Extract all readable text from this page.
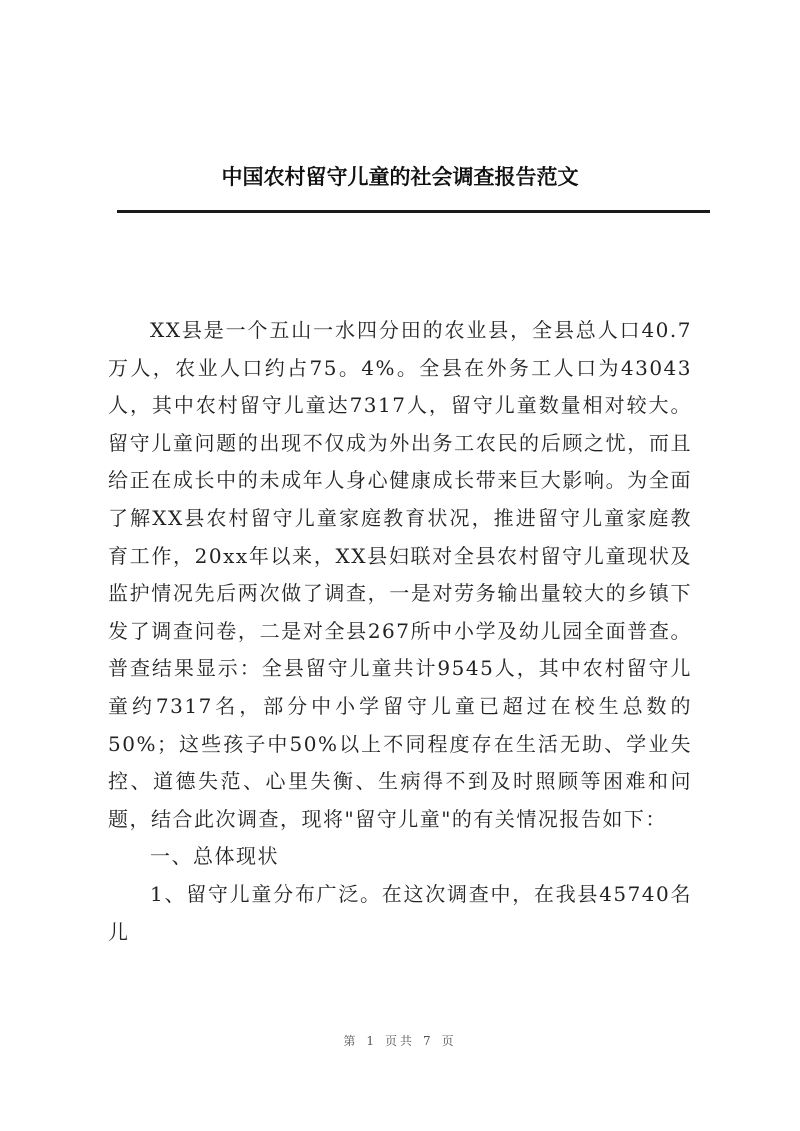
中国农村留守儿童的社会调查报告范文

XX县是一个五山一水四分田的农业县，全县总人口40.7万人，农业人口约占75。4%。全县在外务工人口为43043人，其中农村留守儿童达7317人，留守儿童数量相对较大。留守儿童问题的出现不仅成为外出务工农民的后顾之忧，而且给正在成长中的未成年人身心健康成长带来巨大影响。为全面了解XX县农村留守儿童家庭教育状况，推进留守儿童家庭教育工作，20xx年以来，XX县妇联对全县农村留守儿童现状及监护情况先后两次做了调查，一是对劳务输出量较大的乡镇下发了调查问卷，二是对全县267所中小学及幼儿园全面普查。普查结果显示：全县留守儿童共计9545人，其中农村留守儿童约7317名，部分中小学留守儿童已超过在校生总数的50%；这些孩子中50%以上不同程度存在生活无助、学业失控、道德失范、心里失衡、生病得不到及时照顾等困难和问题，结合此次调查，现将"留守儿童"的有关情况报告如下：

一、总体现状

1、留守儿童分布广泛。在这次调查中，在我县45740名儿

第 1 页共 7 页
